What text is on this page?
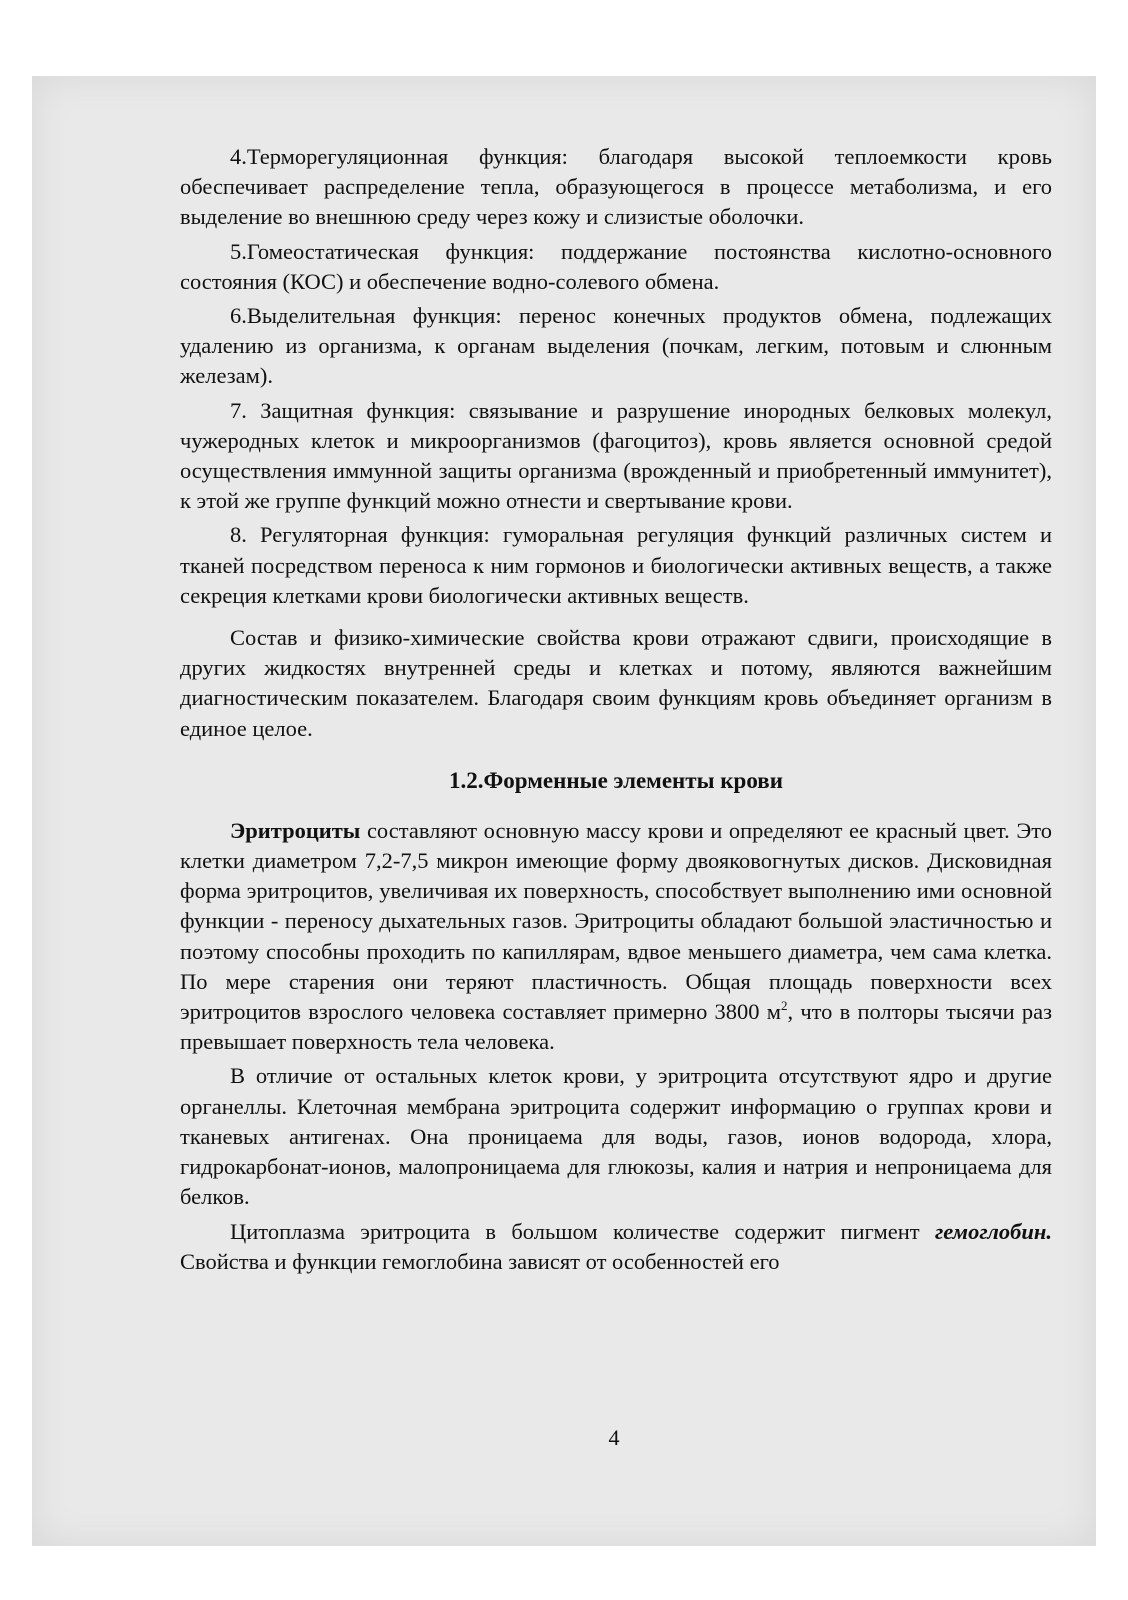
4.Терморегуляционная функция: благодаря высокой теплоемкости кровь обеспечивает распределение тепла, образующегося в процессе метаболизма, и его выделение во внешнюю среду через кожу и слизистые оболочки.

5.Гомеостатическая функция: поддержание постоянства кислотно-основного состояния (КОС) и обеспечение водно-солевого обмена.

6.Выделительная функция: перенос конечных продуктов обмена, подлежащих удалению из организма, к органам выделения (почкам, легким, потовым и слюнным железам).

7. Защитная функция: связывание и разрушение инородных белковых молекул, чужеродных клеток и микроорганизмов (фагоцитоз), кровь является основной средой осуществления иммунной защиты организма (врожденный и приобретенный иммунитет), к этой же группе функций можно отнести и свертывание крови.

8. Регуляторная функция: гуморальная регуляция функций различных систем и тканей посредством переноса к ним гормонов и биологически активных веществ, а также секреция клетками крови биологически активных веществ.

Состав и физико-химические свойства крови отражают сдвиги, происходящие в других жидкостях внутренней среды и клетках и потому, являются важнейшим диагностическим показателем. Благодаря своим функциям кровь объединяет организм в единое целое.

1.2.Форменные элементы крови

Эритроциты составляют основную массу крови и определяют ее красный цвет. Это клетки диаметром 7,2-7,5 микрон имеющие форму двояковогнутых дисков. Дисковидная форма эритроцитов, увеличивая их поверхность, способствует выполнению ими основной функции - переносу дыхательных газов. Эритроциты обладают большой эластичностью и поэтому способны проходить по капиллярам, вдвое меньшего диаметра, чем сама клетка. По мере старения они теряют пластичность. Общая площадь поверхности всех эритроцитов взрослого человека составляет примерно 3800 $м^2$, что в полторы тысячи раз превышает поверхность тела человека.

В отличие от остальных клеток крови, у эритроцита отсутствуют ядро и другие органеллы. Клеточная мембрана эритроцита содержит информацию о группах крови и тканевых антигенах. Она проницаема для воды, газов, ионов водорода, хлора, гидрокарбонат-ионов, малопроницаема для глюкозы, калия и натрия и непроницаема для белков.

Цитоплазма эритроцита в большом количестве содержит пигмент гемоглобин. Свойства и функции гемоглобина зависят от особенностей его

4
